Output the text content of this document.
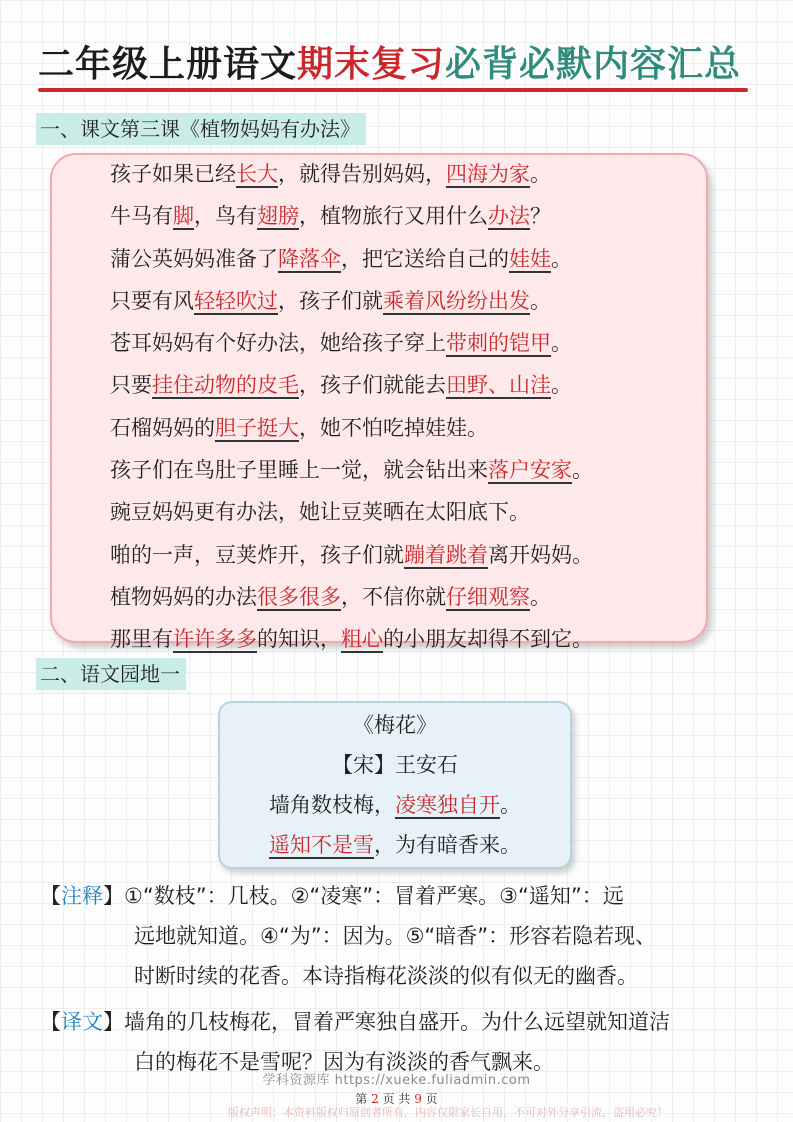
二年级上册语文期末复习必背必默内容汇总
一、课文第三课《植物妈妈有办法》
孩子如果已经长大，就得告别妈妈，四海为家。
牛马有脚，鸟有翅膀，植物旅行又用什么办法？
蒲公英妈妈准备了降落伞，把它送给自己的娃娃。
只要有风轻轻吹过，孩子们就乘着风纷纷出发。
苍耳妈妈有个好办法，她给孩子穿上带刺的铠甲。
只要挂住动物的皮毛，孩子们就能去田野、山洼。
石榴妈妈的胆子挺大，她不怕吃掉娃娃。
孩子们在鸟肚子里睡上一觉，就会钻出来落户安家。
豌豆妈妈更有办法，她让豆荚晒在太阳底下。
啪的一声，豆荚炸开，孩子们就蹦着跳着离开妈妈。
植物妈妈的办法很多很多，不信你就仔细观察。
那里有许许多多的知识，粗心的小朋友却得不到它。
二、语文园地一
《梅花》
【宋】王安石
墙角数枝梅，凌寒独自开。
遥知不是雪，为有暗香来。
【注释】①“数枝”：几枝。②“凌寒”：冒着严寒。③“遥知”：远
远地就知道。④“为”：因为。⑤“暗香”：形容若隐若现、
时断时续的花香。本诗指梅花淡淡的似有似无的幽香。
【译文】墙角的几枝梅花，冒着严寒独自盛开。为什么远望就知道洁
白的梅花不是雪呢？因为有淡淡的香气飘来。
学科资源库 https://xueke.fuliadmin.com
第 2 页 共 9 页
版权声明：本资料版权归原创者所有，内容仅限家长自用，不可对外分享引流，盗用必究！
